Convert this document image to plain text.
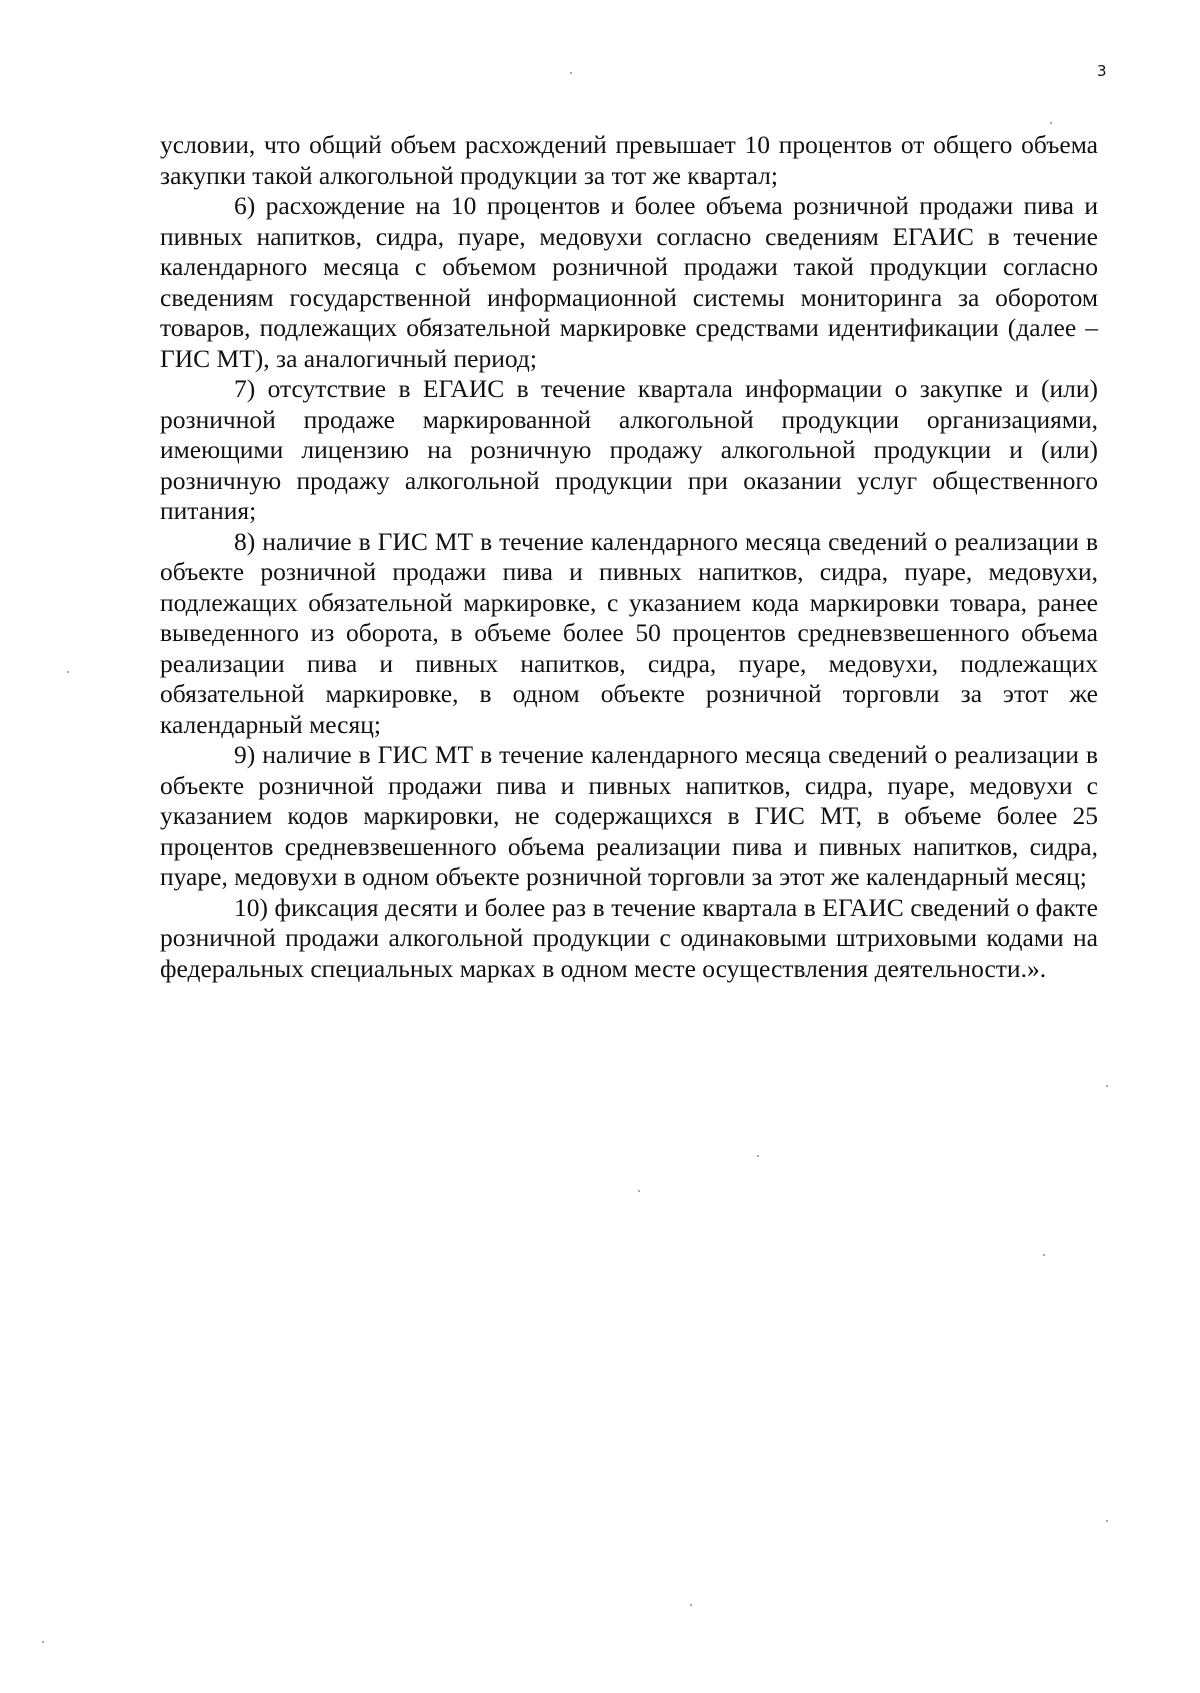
3

условии, что общий объем расхождений превышает 10 процентов от общего объема закупки такой алкогольной продукции за тот же квартал;

6) расхождение на 10 процентов и более объема розничной продажи пива и пивных напитков, сидра, пуаре, медовухи согласно сведениям ЕГАИС в течение календарного месяца с объемом розничной продажи такой продукции согласно сведениям государственной информационной системы мониторинга за оборотом товаров, подлежащих обязательной маркировке средствами идентификации (далее – ГИС МТ), за аналогичный период;

7) отсутствие в ЕГАИС в течение квартала информации о закупке и (или) розничной продаже маркированной алкогольной продукции организациями, имеющими лицензию на розничную продажу алкогольной продукции и (или) розничную продажу алкогольной продукции при оказании услуг общественного питания;

8) наличие в ГИС МТ в течение календарного месяца сведений о реализации в объекте розничной продажи пива и пивных напитков, сидра, пуаре, медовухи, подлежащих обязательной маркировке, с указанием кода маркировки товара, ранее выведенного из оборота, в объеме более 50 процентов средневзвешенного объема реализации пива и пивных напитков, сидра, пуаре, медовухи, подлежащих обязательной маркировке, в одном объекте розничной торговли за этот же календарный месяц;

9) наличие в ГИС МТ в течение календарного месяца сведений о реализации в объекте розничной продажи пива и пивных напитков, сидра, пуаре, медовухи с указанием кодов маркировки, не содержащихся в ГИС МТ, в объеме более 25 процентов средневзвешенного объема реализации пива и пивных напитков, сидра, пуаре, медовухи в одном объекте розничной торговли за этот же календарный месяц;

10) фиксация десяти и более раз в течение квартала в ЕГАИС сведений о факте розничной продажи алкогольной продукции с одинаковыми штриховыми кодами на федеральных специальных марках в одном месте осуществления деятельности.».
